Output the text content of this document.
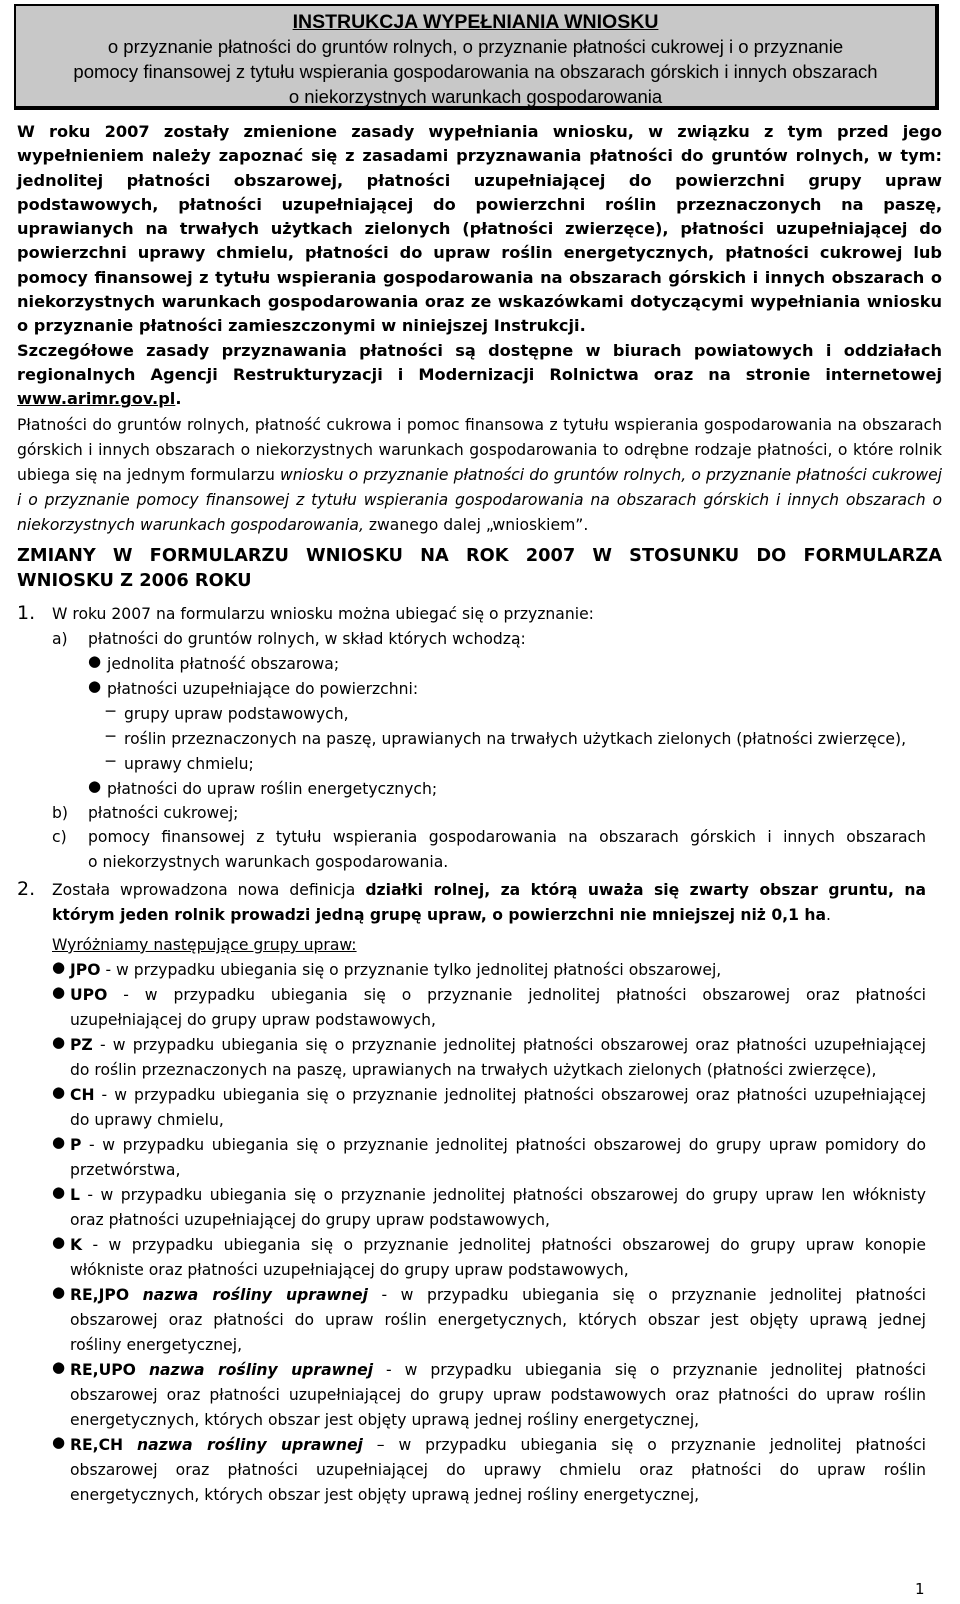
INSTRUKCJA WYPEŁNIANIA WNIOSKU
o przyznanie płatności do gruntów rolnych, o przyznanie płatności cukrowej i o przyznanie
pomocy finansowej z tytułu wspierania gospodarowania na obszarach górskich i innych obszarach
o niekorzystnych warunkach gospodarowania

W roku 2007 zostały zmienione zasady wypełniania wniosku, w związku z tym przed jego wypełnieniem należy zapoznać się z zasadami przyznawania płatności do gruntów rolnych, w tym: jednolitej płatności obszarowej, płatności uzupełniającej do powierzchni grupy upraw podstawowych, płatności uzupełniającej do powierzchni roślin przeznaczonych na paszę, uprawianych na trwałych użytkach zielonych (płatności zwierzęce), płatności uzupełniającej do powierzchni uprawy chmielu, płatności do upraw roślin energetycznych, płatności cukrowej lub pomocy finansowej z tytułu wspierania gospodarowania na obszarach górskich i innych obszarach o niekorzystnych warunkach gospodarowania oraz ze wskazówkami dotyczącymi wypełniania wniosku o przyznanie płatności zamieszczonymi w niniejszej Instrukcji.

Szczegółowe zasady przyznawania płatności są dostępne w biurach powiatowych i oddziałach regionalnych Agencji Restrukturyzacji i Modernizacji Rolnictwa oraz na stronie internetowej www.arimr.gov.pl.

Płatności do gruntów rolnych, płatność cukrowa i pomoc finansowa z tytułu wspierania gospodarowania na obszarach górskich i innych obszarach o niekorzystnych warunkach gospodarowania to odrębne rodzaje płatności, o które rolnik ubiega się na jednym formularzu wniosku o przyznanie płatności do gruntów rolnych, o przyznanie płatności cukrowej i o przyznanie pomocy finansowej z tytułu wspierania gospodarowania na obszarach górskich i innych obszarach o niekorzystnych warunkach gospodarowania, zwanego dalej „wnioskiem”.

ZMIANY W FORMULARZU WNIOSKU NA ROK 2007 W STOSUNKU DO FORMULARZA

WNIOSKU Z 2006 ROKU

1. W roku 2007 na formularzu wniosku można ubiegać się o przyznanie:
a) płatności do gruntów rolnych, w skład których wchodzą:
● jednolita płatność obszarowa;
● płatności uzupełniające do powierzchni:
− grupy upraw podstawowych,
− roślin przeznaczonych na paszę, uprawianych na trwałych użytkach zielonych (płatności zwierzęce),
− uprawy chmielu;
● płatności do upraw roślin energetycznych;
b) płatności cukrowej;
c) pomocy finansowej z tytułu wspierania gospodarowania na obszarach górskich i innych obszarach
o niekorzystnych warunkach gospodarowania.
2. Została wprowadzona nowa definicja działki rolnej, za którą uważa się zwarty obszar gruntu, na
którym jeden rolnik prowadzi jedną grupę upraw, o powierzchni nie mniejszej niż 0,1 ha.
Wyróżniamy następujące grupy upraw:
● JPO - w przypadku ubiegania się o przyznanie tylko jednolitej płatności obszarowej,
● UPO - w przypadku ubiegania się o przyznanie jednolitej płatności obszarowej oraz płatności
uzupełniającej do grupy upraw podstawowych,
● PZ - w przypadku ubiegania się o przyznanie jednolitej płatności obszarowej oraz płatności uzupełniającej
do roślin przeznaczonych na paszę, uprawianych na trwałych użytkach zielonych (płatności zwierzęce),
● CH - w przypadku ubiegania się o przyznanie jednolitej płatności obszarowej oraz płatności uzupełniającej
do uprawy chmielu,
● P - w przypadku ubiegania się o przyznanie jednolitej płatności obszarowej do grupy upraw pomidory do
przetwórstwa,
● L - w przypadku ubiegania się o przyznanie jednolitej płatności obszarowej do grupy upraw len włóknisty
oraz płatności uzupełniającej do grupy upraw podstawowych,
● K - w przypadku ubiegania się o przyznanie jednolitej płatności obszarowej do grupy upraw konopie
włókniste oraz płatności uzupełniającej do grupy upraw podstawowych,
● RE,JPO nazwa rośliny uprawnej - w przypadku ubiegania się o przyznanie jednolitej płatności
obszarowej oraz płatności do upraw roślin energetycznych, których obszar jest objęty uprawą jednej
rośliny energetycznej,
● RE,UPO nazwa rośliny uprawnej - w przypadku ubiegania się o przyznanie jednolitej płatności
obszarowej oraz płatności uzupełniającej do grupy upraw podstawowych oraz płatności do upraw roślin
energetycznych, których obszar jest objęty uprawą jednej rośliny energetycznej,
● RE,CH nazwa rośliny uprawnej – w przypadku ubiegania się o przyznanie jednolitej płatności
obszarowej oraz płatności uzupełniającej do uprawy chmielu oraz płatności do upraw roślin
energetycznych, których obszar jest objęty uprawą jednej rośliny energetycznej,
1
